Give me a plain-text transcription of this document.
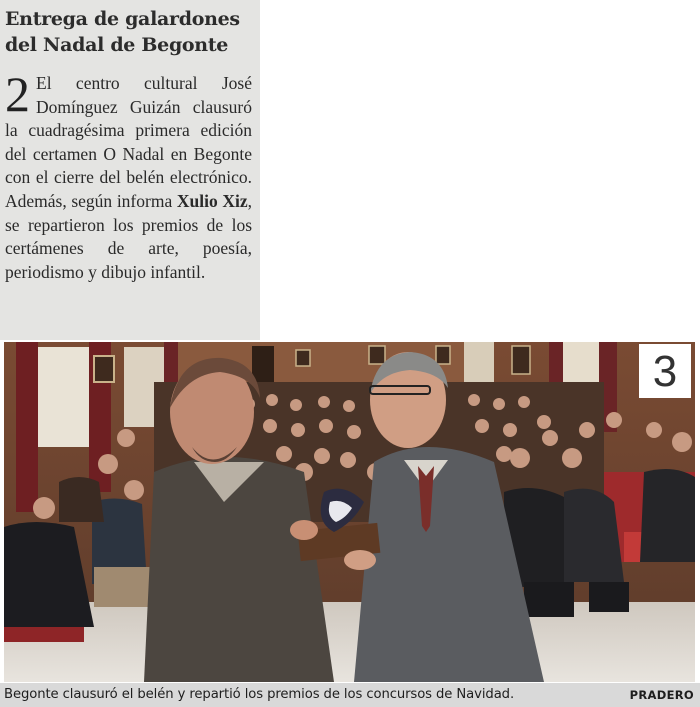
Entrega de galardones
del Nadal de Begonte

2 El centro cultural José Domínguez Guizán clausuró la cuadragésima primera edición del certamen O Nadal en Begonte con el cierre del belén electrónico. Además, según informa Xulio Xiz, se repartieron los premios de los certámenes de arte, poesía, periodismo y dibujo infantil.

3
Begonte clausuró el belén y repartió los premios de los concursos de Navidad.	PRADERO
